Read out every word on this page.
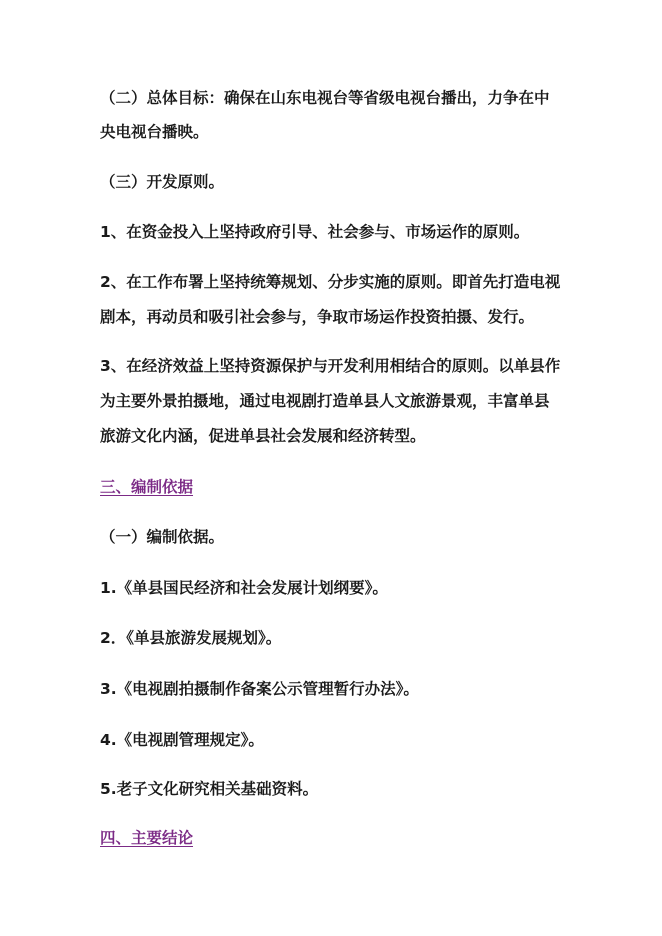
（二）总体目标：确保在山东电视台等省级电视台播出，力争在中

央电视台播映。

（三）开发原则。

1、在资金投入上坚持政府引导、社会参与、市场运作的原则。

2、在工作布署上坚持统筹规划、分步实施的原则。即首先打造电视

剧本，再动员和吸引社会参与，争取市场运作投资拍摄、发行。

3、在经济效益上坚持资源保护与开发利用相结合的原则。以单县作

为主要外景拍摄地，通过电视剧打造单县人文旅游景观，丰富单县

旅游文化内涵，促进单县社会发展和经济转型。

三、编制依据

（一）编制依据。

1.《单县国民经济和社会发展计划纲要》。

2．《单县旅游发展规划》。

3.《电视剧拍摄制作备案公示管理暂行办法》。

4.《电视剧管理规定》。

5.老子文化研究相关基础资料。

四、主要结论
